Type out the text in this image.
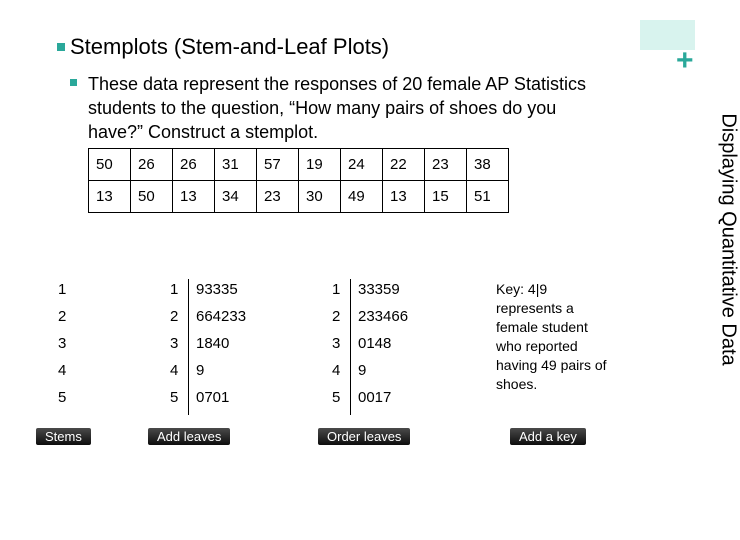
+
Displaying Quantitative Data
Stemplots (Stem-and-Leaf Plots)
These data represent the responses of 20 female AP Statistics students to the question, “How many pairs of shoes do you have?” Construct a stemplot.
50	26	26	31	57	19	24	22	23	38
13	50	13	34	23	30	49	13	15	51
1
2
3
4
5
1 93335
2 664233
3 1840
4 9
5 0701
1 33359
2 233466
3 0148
4 9
5 0017
Key: 4|9 represents a female student who reported having 49 pairs of shoes.
Stems	Add leaves	Order leaves	Add a key
